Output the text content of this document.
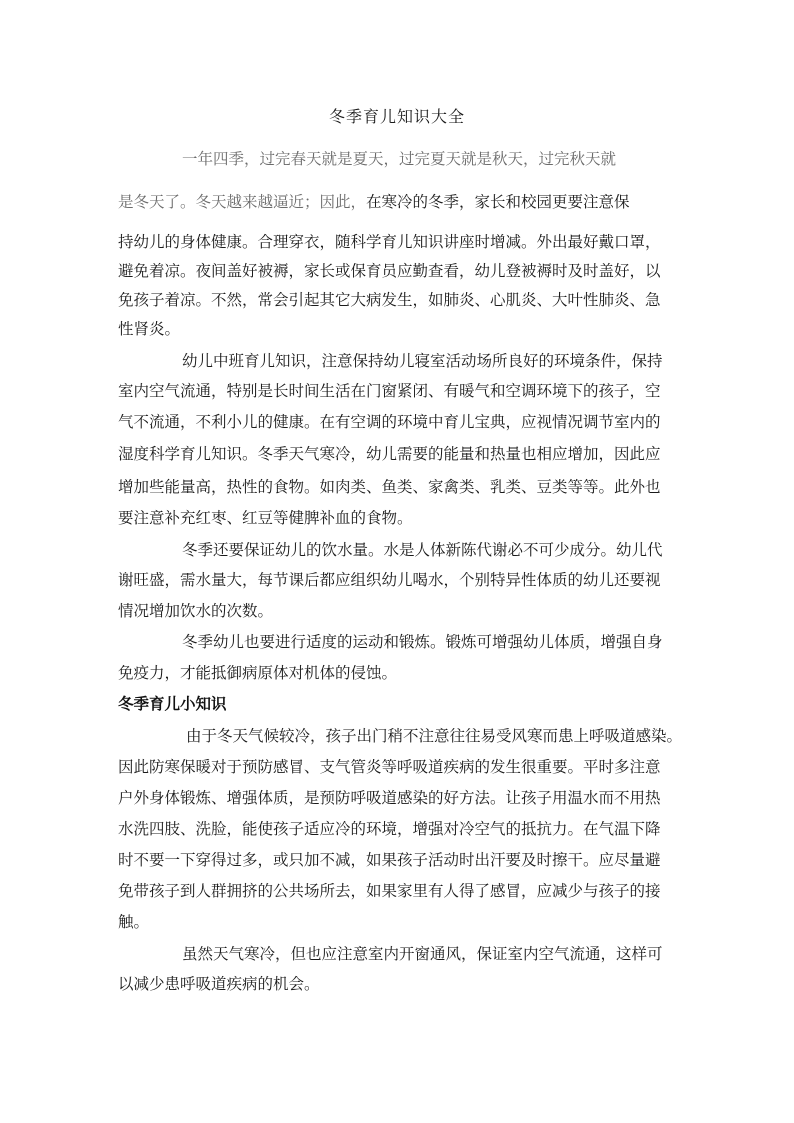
冬季育儿知识大全
一年四季，过完春天就是夏天，过完夏天就是秋天，过完秋天就
是冬天了。冬天越来越逼近；因此，在寒冷的冬季，家长和校园更要注意保
持幼儿的身体健康。合理穿衣，随科学育儿知识讲座时增减。外出最好戴口罩，
避免着凉。夜间盖好被褥，家长或保育员应勤查看，幼儿登被褥时及时盖好，以
免孩子着凉。不然，常会引起其它大病发生，如肺炎、心肌炎、大叶性肺炎、急
性肾炎。
幼儿中班育儿知识，注意保持幼儿寝室活动场所良好的环境条件，保持
室内空气流通，特别是长时间生活在门窗紧闭、有暖气和空调环境下的孩子，空
气不流通，不利小儿的健康。在有空调的环境中育儿宝典，应视情况调节室内的
湿度科学育儿知识。冬季天气寒冷，幼儿需要的能量和热量也相应增加，因此应
增加些能量高，热性的食物。如肉类、鱼类、家禽类、乳类、豆类等等。此外也
要注意补充红枣、红豆等健脾补血的食物。
冬季还要保证幼儿的饮水量。水是人体新陈代谢必不可少成分。幼儿代
谢旺盛，需水量大，每节课后都应组织幼儿喝水，个别特异性体质的幼儿还要视
情况增加饮水的次数。
冬季幼儿也要进行适度的运动和锻炼。锻炼可增强幼儿体质，增强自身
免疫力，才能抵御病原体对机体的侵蚀。
冬季育儿小知识
由于冬天气候较冷，孩子出门稍不注意往往易受风寒而患上呼吸道感染。
因此防寒保暖对于预防感冒、支气管炎等呼吸道疾病的发生很重要。平时多注意
户外身体锻炼、增强体质，是预防呼吸道感染的好方法。让孩子用温水而不用热
水洗四肢、洗脸，能使孩子适应冷的环境，增强对冷空气的抵抗力。在气温下降
时不要一下穿得过多，或只加不减，如果孩子活动时出汗要及时擦干。应尽量避
免带孩子到人群拥挤的公共场所去，如果家里有人得了感冒，应减少与孩子的接
触。
虽然天气寒冷，但也应注意室内开窗通风，保证室内空气流通，这样可
以减少患呼吸道疾病的机会。
